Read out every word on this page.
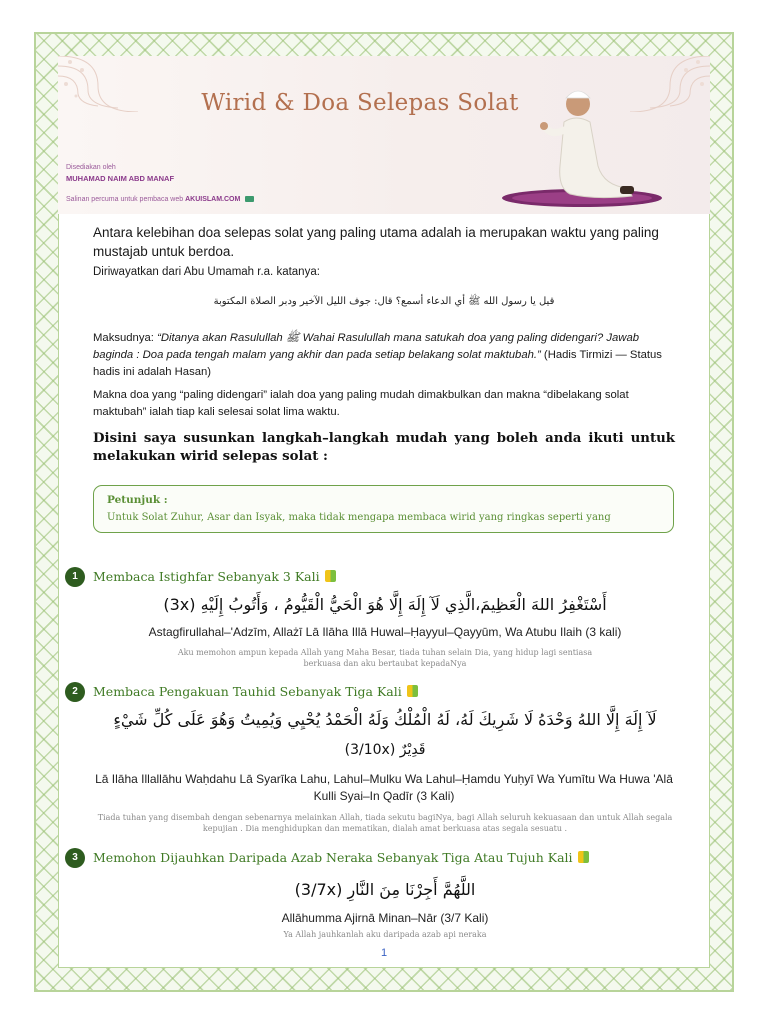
Wirid & Doa Selepas Solat
Disediakan oleh
MUHAMAD NAIM ABD MANAF
Salinan percuma untuk pembaca web AKUISLAM.COM
Antara kelebihan doa selepas solat yang paling utama adalah ia merupakan waktu yang paling mustajab untuk berdoa.
Diriwayatkan dari Abu Umamah r.a. katanya:
قيل يا رسول الله ﷺ أي الدعاء أسمع؟ قال: جوف الليل الآخير ودبر الصلاة المكتوبة
Maksudnya: “Ditanya akan Rasulullah ﷺ Wahai Rasulullah mana satukah doa yang paling didengari? Jawab baginda : Doa pada tengah malam yang akhir dan pada setiap belakang solat maktubah.” (Hadis Tirmizi — Status hadis ini adalah Hasan)
Makna doa yang “paling didengari” ialah doa yang paling mudah dimakbulkan dan makna “dibelakang solat maktubah” ialah tiap kali selesai solat lima waktu.
Disini saya susunkan langkah–langkah mudah yang boleh anda ikuti untuk melakukan wirid selepas solat :
Petunjuk :
Untuk Solat Zuhur, Asar dan Isyak, maka tidak mengapa membaca wirid yang ringkas seperti yang
1	Membaca Istighfar Sebanyak 3 Kali
أَسْتَغْفِرُ اللهَ الْعَظِيمَ،الَّذِي لَآ إِلَهَ إِلَّا هُوَ الْحَيُّ الْقَيُّومُ ، وَأَتُوبُ إِلَيْهِ (3x)
Astagfirullahal–'Adzīm, Allażī Lā Ilāha Illā Huwal–Ḥayyul–Qayyūm, Wa Atubu Ilaih (3 kali)
Aku memohon ampun kepada Allah yang Maha Besar, tiada tuhan selain Dia, yang hidup lagi sentiasa berkuasa dan aku bertaubat kepadaNya
2	Membaca Pengakuan Tauhid Sebanyak Tiga Kali
لَآ إِلَهَ إِلَّا اللهُ وَحْدَهُ لَا شَرِيكَ لَهُ، لَهُ الْمُلْكُ وَلَهُ الْحَمْدُ يُحْيِي وَيُمِيتُ وَهُوَ عَلَى كُلِّ شَيْءٍ
قَدِيْرٌ (3/10x)
Lā Ilāha Illallāhu Waḥdahu Lā Syarīka Lahu, Lahul–Mulku Wa Lahul–Ḥamdu Yuḥyī Wa Yumītu Wa Huwa 'Alā Kulli Syai–In Qadīr (3 Kali)
Tiada tuhan yang disembah dengan sebenarnya melainkan Allah, tiada sekutu bagiNya, bagi Allah seluruh kekuasaan dan untuk Allah segala kepujian . Dia menghidupkan dan mematikan, dialah amat berkuasa atas segala sesuatu .
3	Memohon Dijauhkan Daripada Azab Neraka Sebanyak Tiga Atau Tujuh Kali
اللَّهُمَّ أَجِرْنَا مِنَ النَّارِ (3/7x)
Allāhumma Ajirnā Minan–Nār (3/7 Kali)
Ya Allah jauhkanlah aku daripada azab api neraka
1
